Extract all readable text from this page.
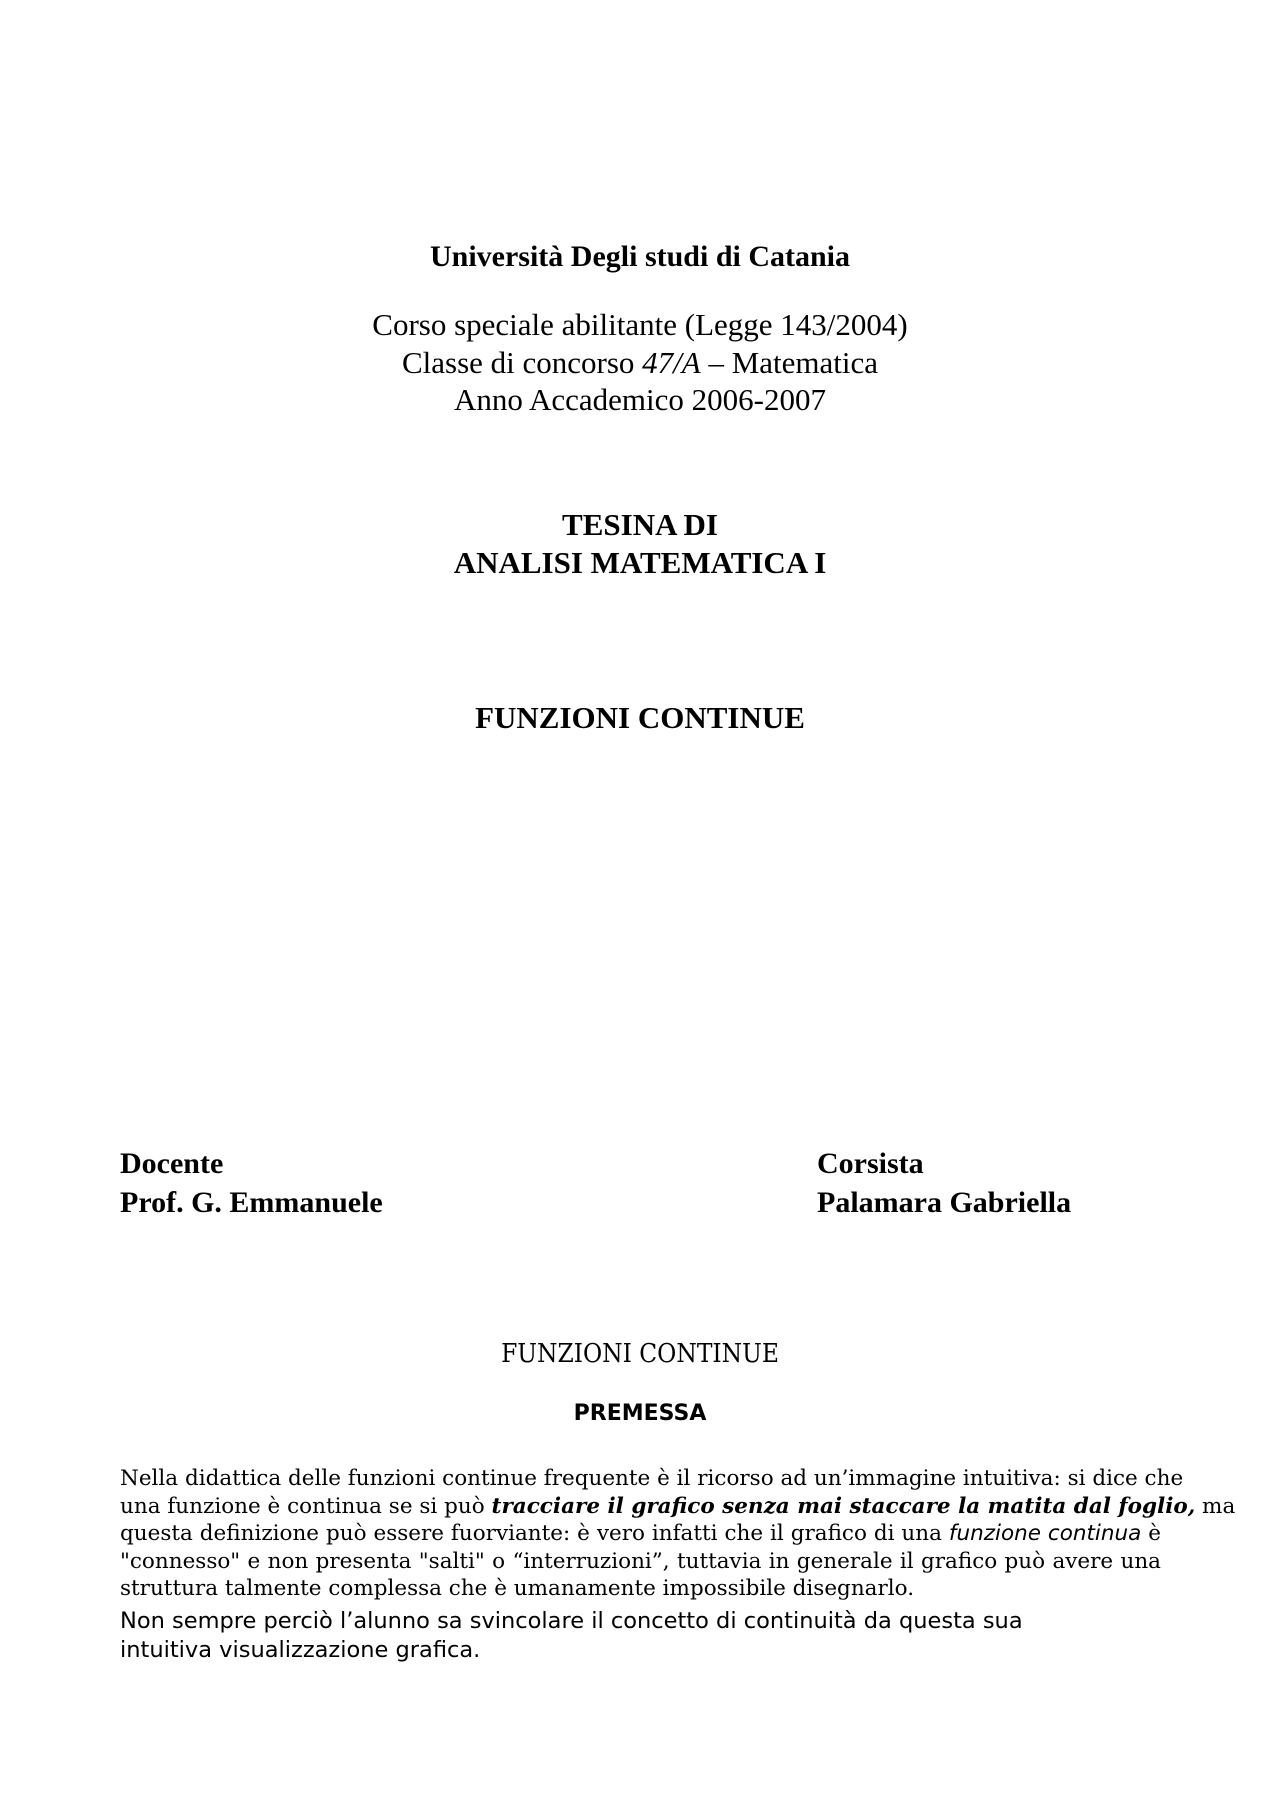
Università Degli studi di Catania
Corso speciale abilitante (Legge 143/2004)
Classe di concorso 47/A – Matematica
Anno Accademico 2006-2007
TESINA DI
ANALISI MATEMATICA I
FUNZIONI CONTINUE
Docente
Prof. G. Emmanuele
Corsista
Palamara Gabriella
FUNZIONI CONTINUE
PREMESSA
Nella didattica delle funzioni continue frequente è il ricorso ad un’immagine intuitiva: si dice che
una funzione è continua se si può tracciare il grafico senza mai staccare la matita dal foglio, ma
questa definizione può essere fuorviante: è vero infatti che il grafico di una funzione continua è
"connesso" e non presenta "salti" o “interruzioni”, tuttavia in generale il grafico può avere una
struttura talmente complessa che è umanamente impossibile disegnarlo.
Non sempre perciò l’alunno sa svincolare il concetto di continuità da questa sua
intuitiva visualizzazione grafica.
